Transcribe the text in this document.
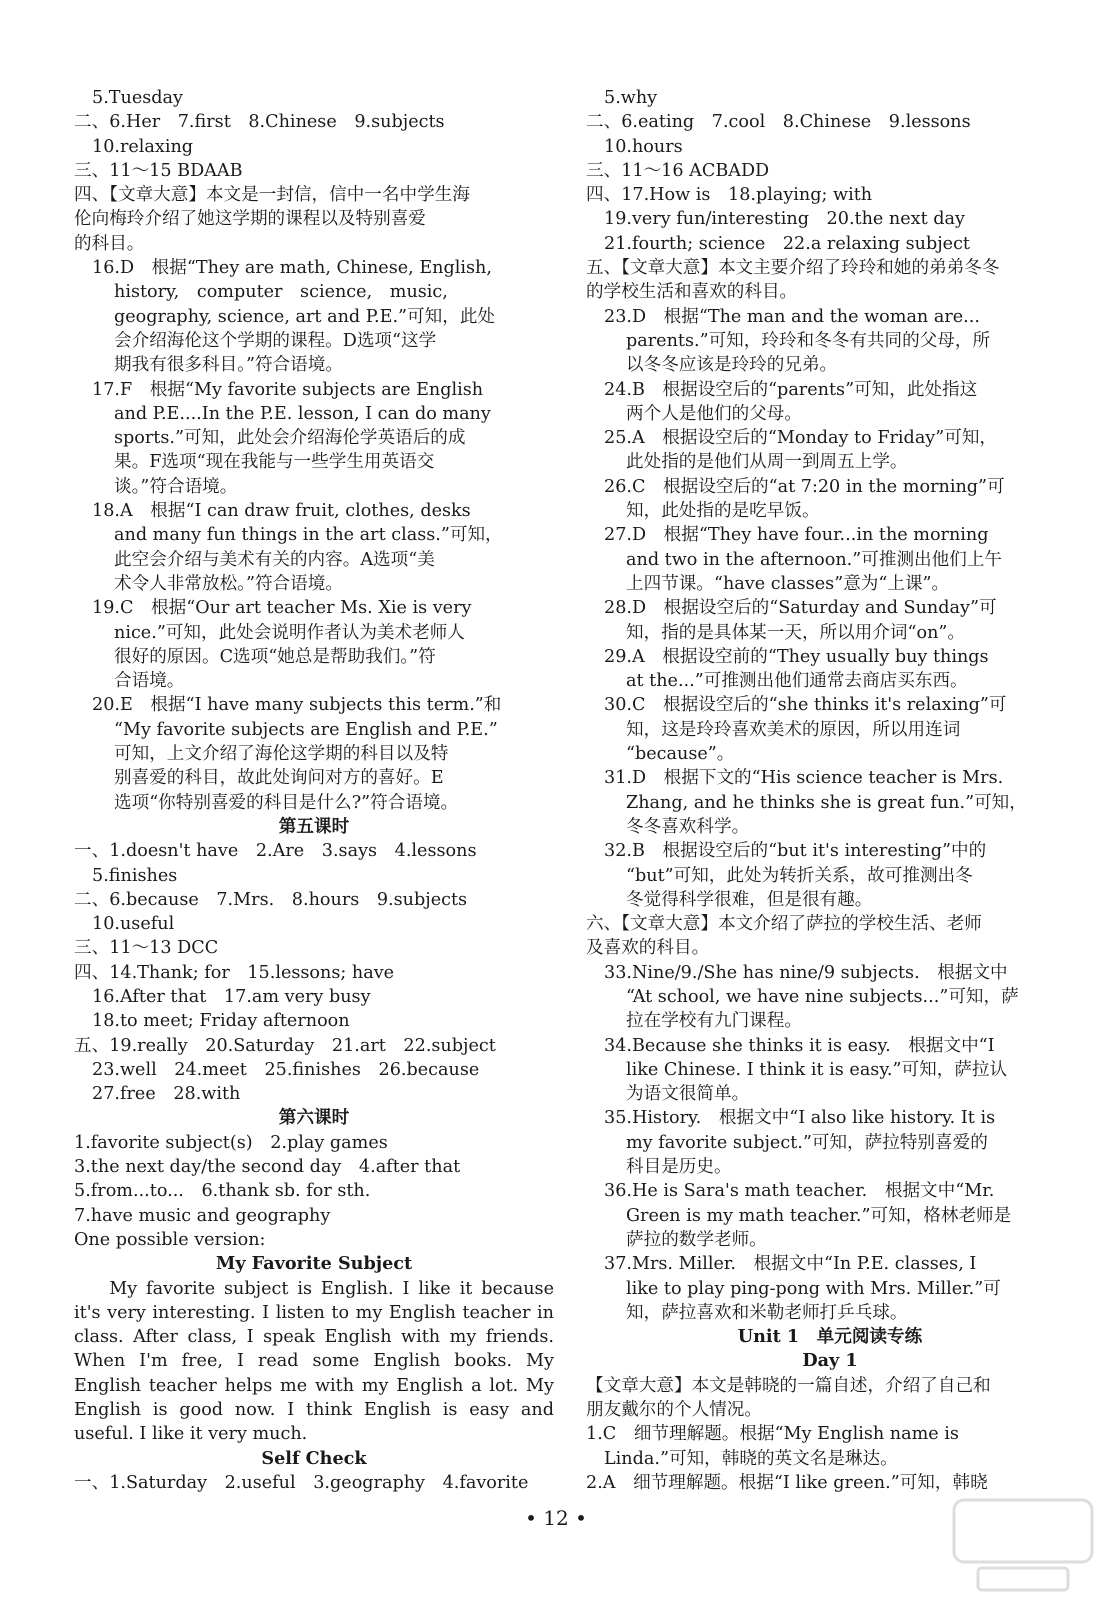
5.Tuesday
二、6.Her　7.first　8.Chinese　9.subjects
10.relaxing
三、11～15 BDAAB
四、【文章大意】本文是一封信，信中一名中学生海
伦向梅玲介绍了她这学期的课程以及特别喜爱
的科目。
16.D　根据“They are math, Chinese, English,
history,　computer　science,　music,
geography, science, art and P.E.”可知，此处
会介绍海伦这个学期的课程。D选项“这学
期我有很多科目。”符合语境。
17.F　根据“My favorite subjects are English
and P.E....In the P.E. lesson, I can do many
sports.”可知，此处会介绍海伦学英语后的成
果。F选项“现在我能与一些学生用英语交
谈。”符合语境。
18.A　根据“I can draw fruit, clothes, desks
and many fun things in the art class.”可知，
此空会介绍与美术有关的内容。A选项“美
术令人非常放松。”符合语境。
19.C　根据“Our art teacher Ms. Xie is very
nice.”可知，此处会说明作者认为美术老师人
很好的原因。C选项“她总是帮助我们。”符
合语境。
20.E　根据“I have many subjects this term.”和
“My favorite subjects are English and P.E.”
可知，上文介绍了海伦这学期的科目以及特
别喜爱的科目，故此处询问对方的喜好。E
选项“你特别喜爱的科目是什么?”符合语境。
第五课时
一、1.doesn't have　2.Are　3.says　4.lessons
5.finishes
二、6.because　7.Mrs.　8.hours　9.subjects
10.useful
三、11～13 DCC
四、14.Thank; for　15.lessons; have
16.After that　17.am very busy
18.to meet; Friday afternoon
五、19.really　20.Saturday　21.art　22.subject
23.well　24.meet　25.finishes　26.because
27.free　28.with
第六课时
1.favorite subject(s)　2.play games
3.the next day/the second day　4.after that
5.from...to...　6.thank sb. for sth.
7.have music and geography
One possible version:
My Favorite Subject
My favorite subject is English. I like it because it's very interesting. I listen to my English teacher in class. After class, I speak English with my friends. When I'm free, I read some English books. My English teacher helps me with my English a lot. My English is good now. I think English is easy and useful. I like it very much.
Self Check
一、1.Saturday　2.useful　3.geography　4.favorite
5.why
二、6.eating　7.cool　8.Chinese　9.lessons
10.hours
三、11～16 ACBADD
四、17.How is　18.playing; with
19.very fun/interesting　20.the next day
21.fourth; science　22.a relaxing subject
五、【文章大意】本文主要介绍了玲玲和她的弟弟冬冬
的学校生活和喜欢的科目。
23.D　根据“The man and the woman are...
parents.”可知，玲玲和冬冬有共同的父母，所
以冬冬应该是玲玲的兄弟。
24.B　根据设空后的“parents”可知，此处指这
两个人是他们的父母。
25.A　根据设空后的“Monday to Friday”可知，
此处指的是他们从周一到周五上学。
26.C　根据设空后的“at 7:20 in the morning”可
知，此处指的是吃早饭。
27.D　根据“They have four...in the morning
and two in the afternoon.”可推测出他们上午
上四节课。“have classes”意为“上课”。
28.D　根据设空后的“Saturday and Sunday”可
知，指的是具体某一天，所以用介词“on”。
29.A　根据设空前的“They usually buy things
at the...”可推测出他们通常去商店买东西。
30.C　根据设空后的“she thinks it's relaxing”可
知，这是玲玲喜欢美术的原因，所以用连词
“because”。
31.D　根据下文的“His science teacher is Mrs.
Zhang, and he thinks she is great fun.”可知，
冬冬喜欢科学。
32.B　根据设空后的“but it's interesting”中的
“but”可知，此处为转折关系，故可推测出冬
冬觉得科学很难，但是很有趣。
六、【文章大意】本文介绍了萨拉的学校生活、老师
及喜欢的科目。
33.Nine/9./She has nine/9 subjects.　根据文中
“At school, we have nine subjects...”可知，萨
拉在学校有九门课程。
34.Because she thinks it is easy.　根据文中“I
like Chinese. I think it is easy.”可知，萨拉认
为语文很简单。
35.History.　根据文中“I also like history. It is
my favorite subject.”可知，萨拉特别喜爱的
科目是历史。
36.He is Sara's math teacher.　根据文中“Mr.
Green is my math teacher.”可知，格林老师是
萨拉的数学老师。
37.Mrs. Miller.　根据文中“In P.E. classes, I
like to play ping-pong with Mrs. Miller.”可
知，萨拉喜欢和米勒老师打乒乓球。
Unit 1　单元阅读专练
Day 1
【文章大意】本文是韩晓的一篇自述，介绍了自己和
朋友戴尔的个人情况。
1.C　细节理解题。根据“My English name is
Linda.”可知，韩晓的英文名是琳达。
2.A　细节理解题。根据“I like green.”可知，韩晓
• 12 •
